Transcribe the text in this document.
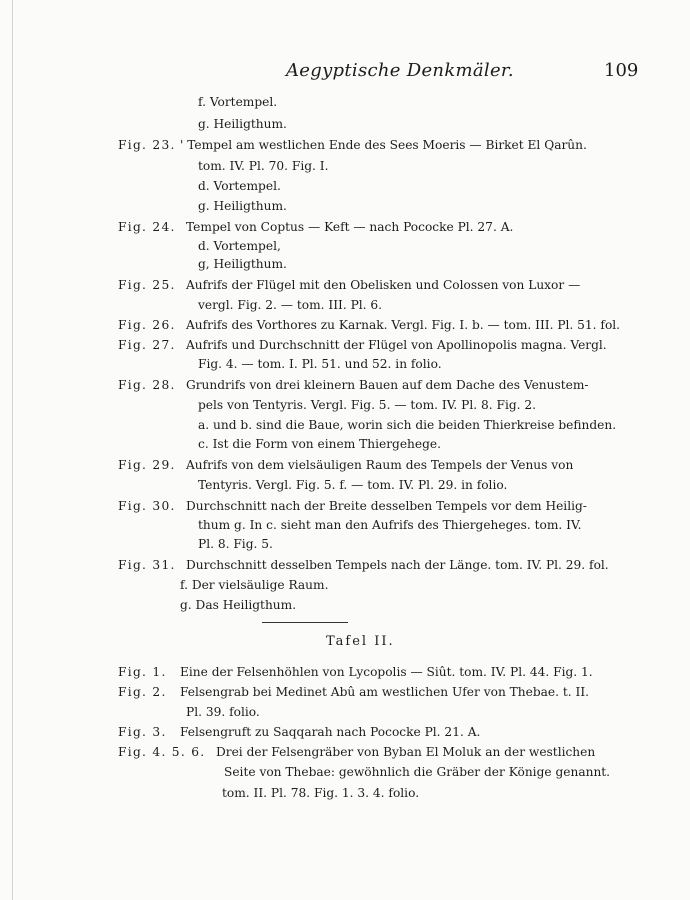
Aegyptische Denkmäler.	109
f. Vortempel.
g. Heiligthum.
Fig. 23. ' Tempel am westlichen Ende des Sees Moeris — Birket El Qarûn.
tom. IV. Pl. 70. Fig. I.
d. Vortempel.
g. Heiligthum.
Fig. 24. Tempel von Coptus — Keft — nach Pococke Pl. 27. A.
d. Vortempel,
g, Heiligthum.
Fig. 25. Aufrifs der Flügel mit den Obelisken und Colossen von Luxor —
vergl. Fig. 2. — tom. III. Pl. 6.
Fig. 26. Aufrifs des Vorthores zu Karnak. Vergl. Fig. I. b. — tom. III. Pl. 51. fol.
Fig. 27. Aufrifs und Durchschnitt der Flügel von Apollinopolis magna. Vergl.
Fig. 4. — tom. I. Pl. 51. und 52. in folio.
Fig. 28. Grundrifs von drei kleinern Bauen auf dem Dache des Venustem-
pels von Tentyris. Vergl. Fig. 5. — tom. IV. Pl. 8. Fig. 2.
a. und b. sind die Baue, worin sich die beiden Thierkreise befinden.
c. Ist die Form von einem Thiergehege.
Fig. 29. Aufrifs von dem vielsäuligen Raum des Tempels der Venus von
Tentyris. Vergl. Fig. 5. f. — tom. IV. Pl. 29. in folio.
Fig. 30. Durchschnitt nach der Breite desselben Tempels vor dem Heilig-
thum g. In c. sieht man den Aufrifs des Thiergeheges. tom. IV.
Pl. 8. Fig. 5.
Fig. 31. Durchschnitt desselben Tempels nach der Länge. tom. IV. Pl. 29. fol.
f. Der vielsäulige Raum.
g. Das Heiligthum.
Tafel II.
Fig. 1. Eine der Felsenhöhlen von Lycopolis — Siût. tom. IV. Pl. 44. Fig. 1.
Fig. 2. Felsengrab bei Medinet Abû am westlichen Ufer von Thebae. t. II.
Pl. 39. folio.
Fig. 3. Felsengruft zu Saqqarah nach Pococke Pl. 21. A.
Fig. 4. 5. 6. Drei der Felsengräber von Byban El Moluk an der westlichen
Seite von Thebae: gewöhnlich die Gräber der Könige genannt.
tom. II. Pl. 78. Fig. 1. 3. 4. folio.
